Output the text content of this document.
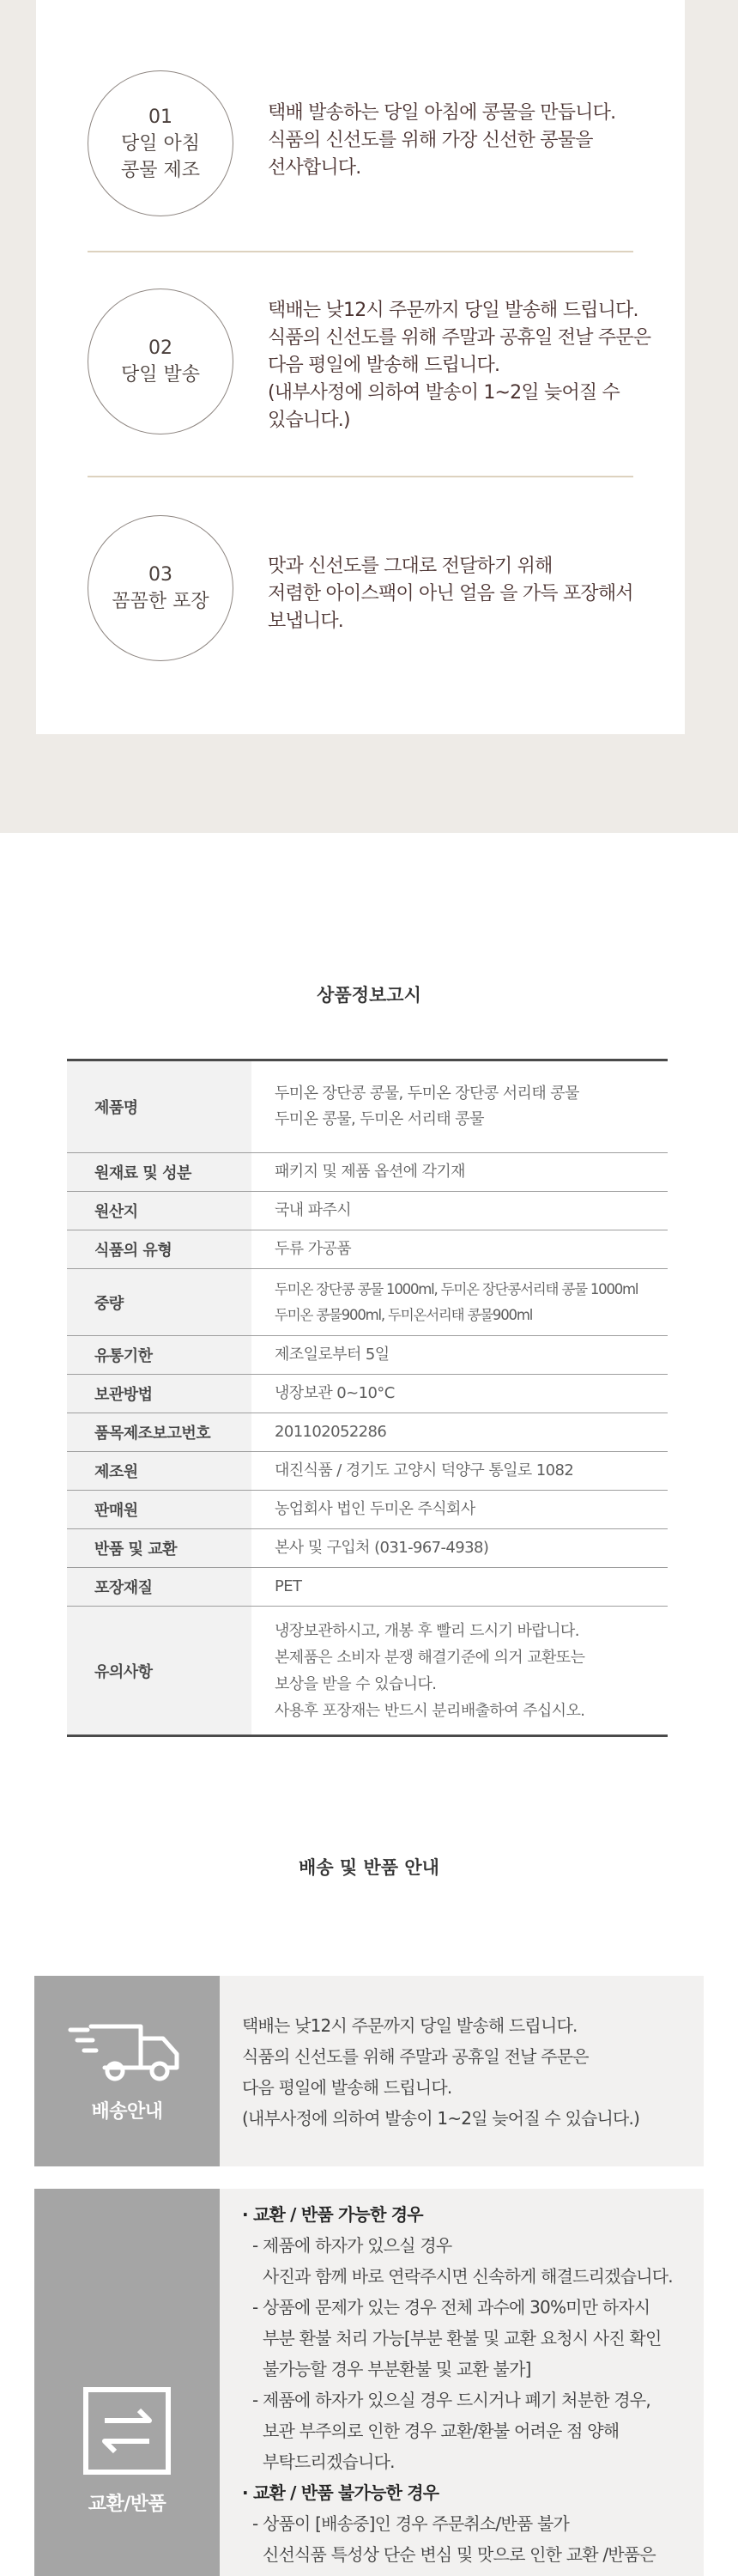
01
당일 아침
콩물 제조
택배 발송하는 당일 아침에 콩물을 만듭니다.
식품의 신선도를 위해 가장 신선한 콩물을
선사합니다.
02
당일 발송
택배는 낮12시 주문까지 당일 발송해 드립니다.
식품의 신선도를 위해 주말과 공휴일 전날 주문은
다음 평일에 발송해 드립니다.
(내부사정에 의하여 발송이 1~2일 늦어질 수
있습니다.)
03
꼼꼼한 포장
맛과 신선도를 그대로 전달하기 위해
저렴한 아이스팩이 아닌 얼음 을 가득 포장해서
보냅니다.
상품정보고시
제품명
두미온 장단콩 콩물, 두미온 장단콩 서리태 콩물
두미온 콩물, 두미온 서리태 콩물
원재료 및 성분	패키지 및 제품 옵션에 각기재
원산지	국내 파주시
식품의 유형	두류 가공품
중량
두미온 장단콩 콩물 1000ml, 두미온 장단콩서리태 콩물 1000ml
두미온 콩물900ml, 두미온서리태 콩물900ml
유통기한	제조일로부터 5일
보관방법	냉장보관 0~10°C
품목제조보고번호	201102052286
제조원	대진식품 / 경기도 고양시 덕양구 통일로 1082
판매원	농업회사 법인 두미온 주식회사
반품 및 교환	본사 및 구입처 (031-967-4938)
포장재질	PET
유의사항
냉장보관하시고, 개봉 후 빨리 드시기 바랍니다.
본제품은 소비자 분쟁 해결기준에 의거 교환또는
보상을 받을 수 있습니다.
사용후 포장재는 반드시 분리배출하여 주십시오.
배송 및 반품 안내
배송안내
택배는 낮12시 주문까지 당일 발송해 드립니다.
식품의 신선도를 위해 주말과 공휴일 전날 주문은
다음 평일에 발송해 드립니다.
(내부사정에 의하여 발송이 1~2일 늦어질 수 있습니다.)
교환/반품
· 교환 / 반품 가능한 경우
- 제품에 하자가 있으실 경우
사진과 함께 바로 연락주시면 신속하게 해결드리겠습니다.
- 상품에 문제가 있는 경우 전체 과수에 30%미만 하자시
부분 환불 처리 가능[부분 환불 및 교환 요청시 사진 확인
불가능할 경우 부분환불 및 교환 불가]
- 제품에 하자가 있으실 경우 드시거나 폐기 처분한 경우,
보관 부주의로 인한 경우 교환/환불 어려운 점 양해
부탁드리겠습니다.
· 교환 / 반품 불가능한 경우
- 상품이 [배송중]인 경우 주문취소/반품 불가
신선식품 특성상 단순 변심 및 맛으로 인한 교환 /반품은
